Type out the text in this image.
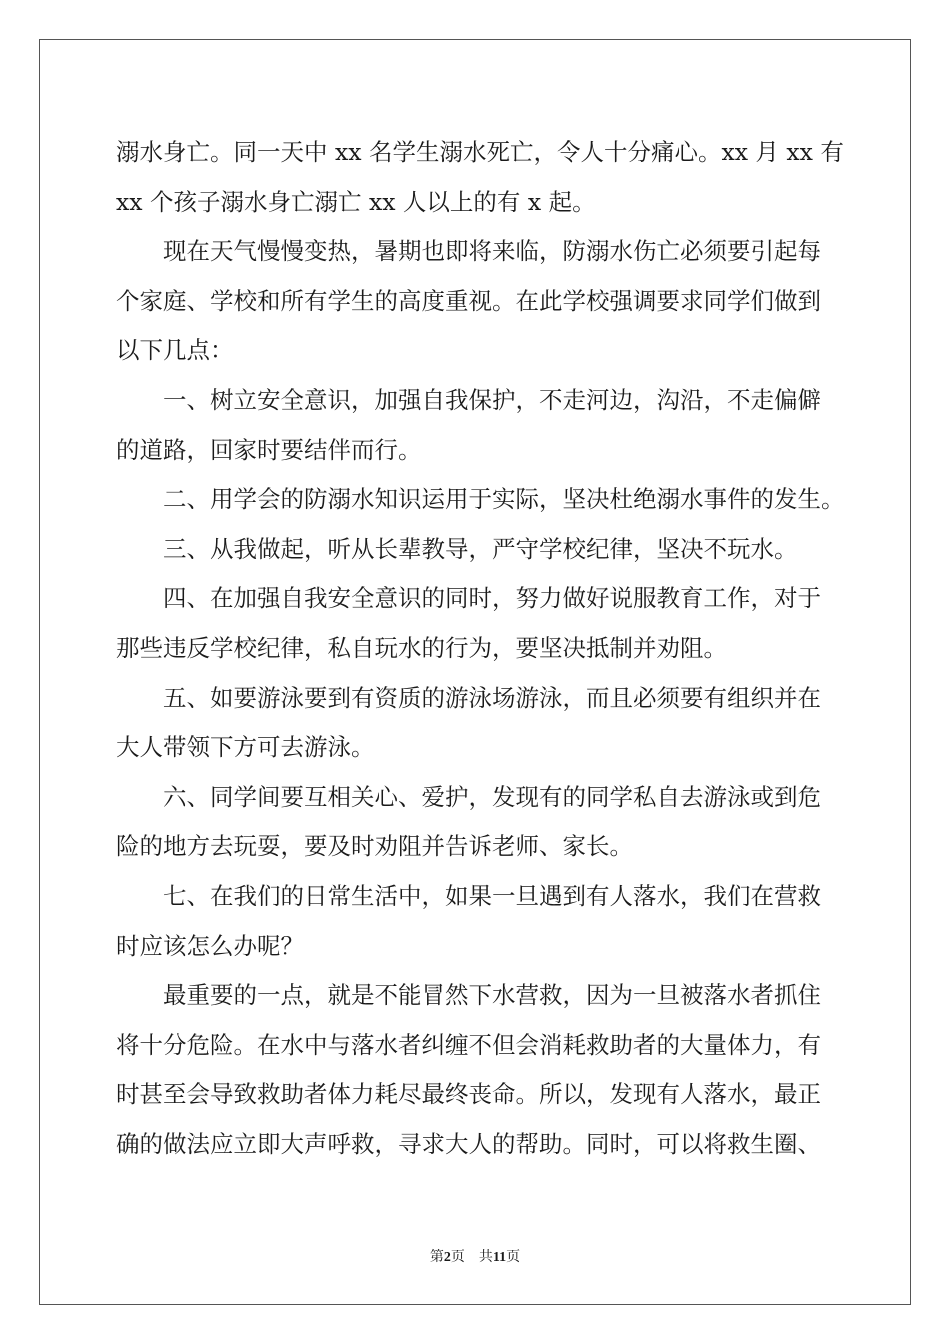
溺水身亡。同一天中 xx 名学生溺水死亡，令人十分痛心。xx 月 xx 有
xx 个孩子溺水身亡溺亡 xx 人以上的有 x 起。
现在天气慢慢变热，暑期也即将来临，防溺水伤亡必须要引起每
个家庭、学校和所有学生的高度重视。在此学校强调要求同学们做到
以下几点：
一、树立安全意识，加强自我保护，不走河边，沟沿，不走偏僻
的道路，回家时要结伴而行。
二、用学会的防溺水知识运用于实际，坚决杜绝溺水事件的发生。
三、从我做起，听从长辈教导，严守学校纪律，坚决不玩水。
四、在加强自我安全意识的同时，努力做好说服教育工作，对于
那些违反学校纪律，私自玩水的行为，要坚决抵制并劝阻。
五、如要游泳要到有资质的游泳场游泳，而且必须要有组织并在
大人带领下方可去游泳。
六、同学间要互相关心、爱护，发现有的同学私自去游泳或到危
险的地方去玩耍，要及时劝阻并告诉老师、家长。
七、在我们的日常生活中，如果一旦遇到有人落水，我们在营救
时应该怎么办呢？
最重要的一点，就是不能冒然下水营救，因为一旦被落水者抓住
将十分危险。在水中与落水者纠缠不但会消耗救助者的大量体力，有
时甚至会导致救助者体力耗尽最终丧命。所以，发现有人落水，最正
确的做法应立即大声呼救，寻求大人的帮助。同时，可以将救生圈、
第2页 共11页
